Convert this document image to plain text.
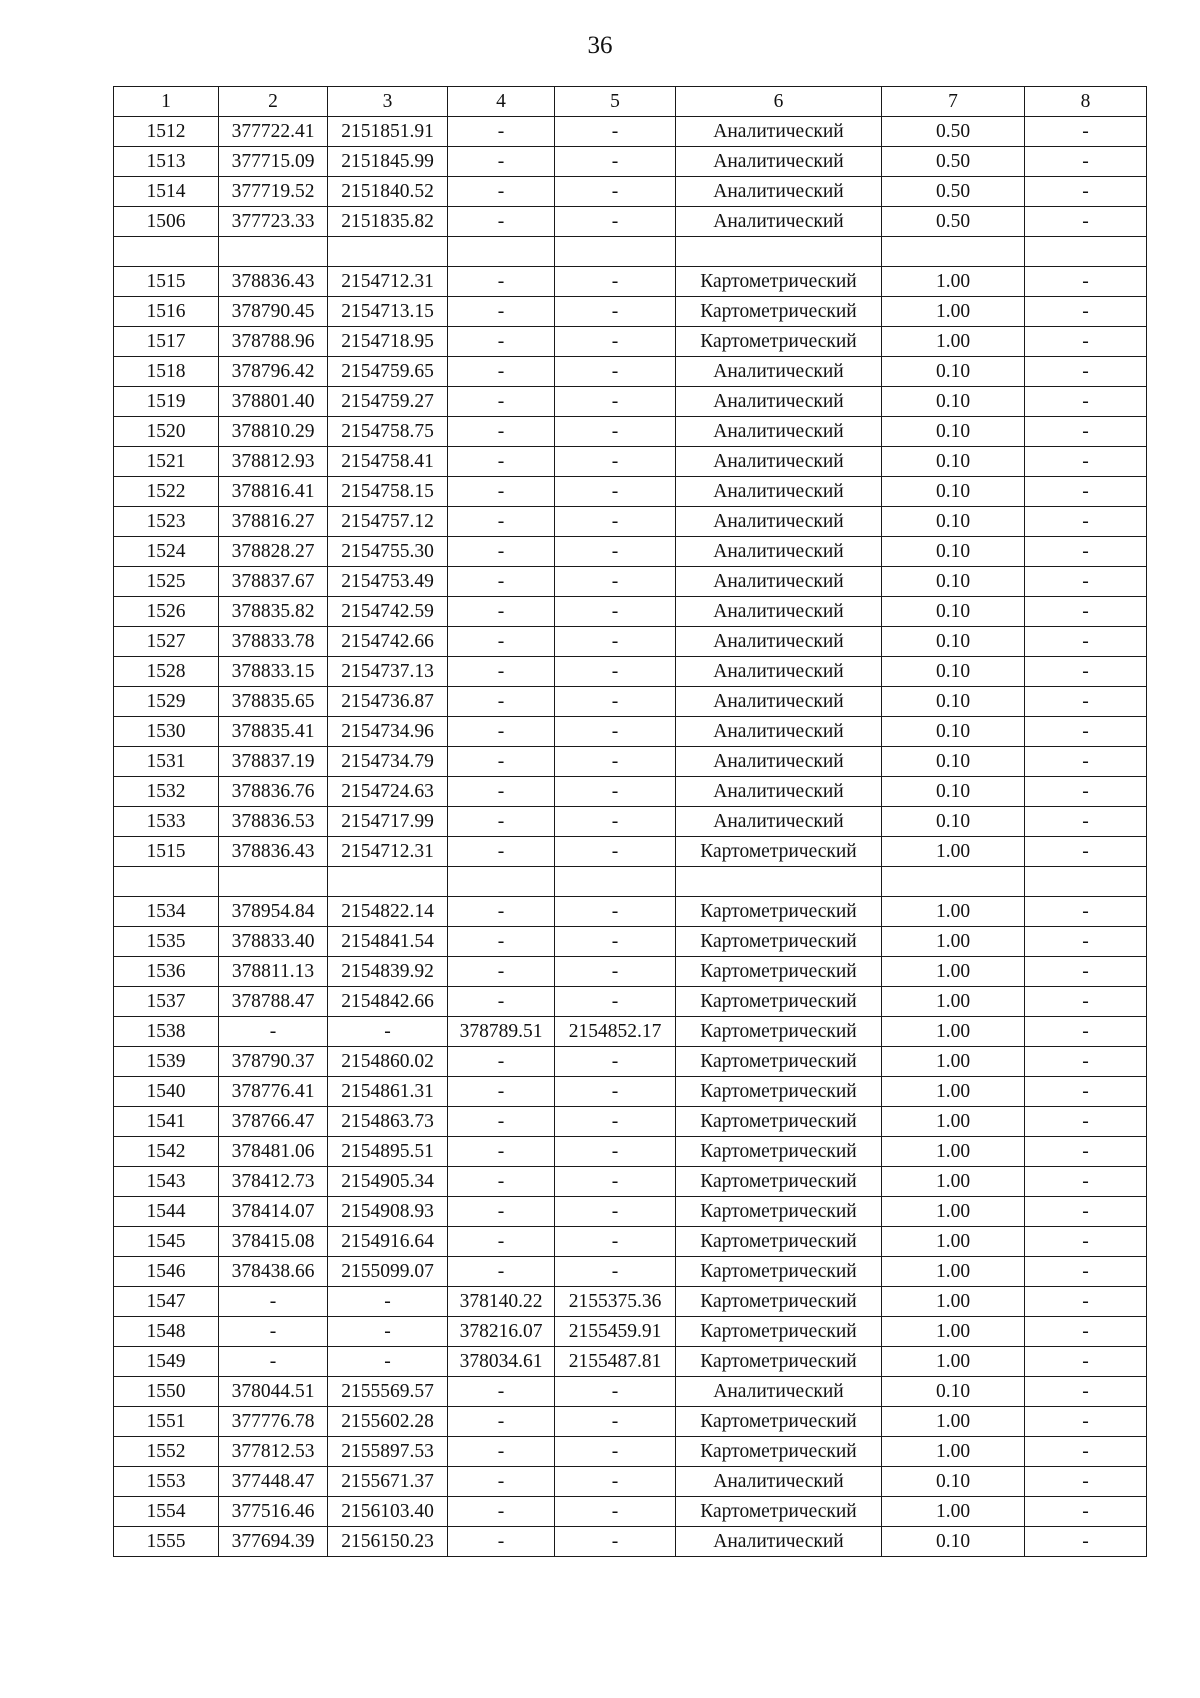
36
1	2	3	4	5	6	7	8
1512	377722.41	2151851.91	-	-	Аналитический	0.50	-
1513	377715.09	2151845.99	-	-	Аналитический	0.50	-
1514	377719.52	2151840.52	-	-	Аналитический	0.50	-
1506	377723.33	2151835.82	-	-	Аналитический	0.50	-

1515	378836.43	2154712.31	-	-	Картометрический	1.00	-
1516	378790.45	2154713.15	-	-	Картометрический	1.00	-
1517	378788.96	2154718.95	-	-	Картометрический	1.00	-
1518	378796.42	2154759.65	-	-	Аналитический	0.10	-
1519	378801.40	2154759.27	-	-	Аналитический	0.10	-
1520	378810.29	2154758.75	-	-	Аналитический	0.10	-
1521	378812.93	2154758.41	-	-	Аналитический	0.10	-
1522	378816.41	2154758.15	-	-	Аналитический	0.10	-
1523	378816.27	2154757.12	-	-	Аналитический	0.10	-
1524	378828.27	2154755.30	-	-	Аналитический	0.10	-
1525	378837.67	2154753.49	-	-	Аналитический	0.10	-
1526	378835.82	2154742.59	-	-	Аналитический	0.10	-
1527	378833.78	2154742.66	-	-	Аналитический	0.10	-
1528	378833.15	2154737.13	-	-	Аналитический	0.10	-
1529	378835.65	2154736.87	-	-	Аналитический	0.10	-
1530	378835.41	2154734.96	-	-	Аналитический	0.10	-
1531	378837.19	2154734.79	-	-	Аналитический	0.10	-
1532	378836.76	2154724.63	-	-	Аналитический	0.10	-
1533	378836.53	2154717.99	-	-	Аналитический	0.10	-
1515	378836.43	2154712.31	-	-	Картометрический	1.00	-

1534	378954.84	2154822.14	-	-	Картометрический	1.00	-
1535	378833.40	2154841.54	-	-	Картометрический	1.00	-
1536	378811.13	2154839.92	-	-	Картометрический	1.00	-
1537	378788.47	2154842.66	-	-	Картометрический	1.00	-
1538	-	-	378789.51	2154852.17	Картометрический	1.00	-
1539	378790.37	2154860.02	-	-	Картометрический	1.00	-
1540	378776.41	2154861.31	-	-	Картометрический	1.00	-
1541	378766.47	2154863.73	-	-	Картометрический	1.00	-
1542	378481.06	2154895.51	-	-	Картометрический	1.00	-
1543	378412.73	2154905.34	-	-	Картометрический	1.00	-
1544	378414.07	2154908.93	-	-	Картометрический	1.00	-
1545	378415.08	2154916.64	-	-	Картометрический	1.00	-
1546	378438.66	2155099.07	-	-	Картометрический	1.00	-
1547	-	-	378140.22	2155375.36	Картометрический	1.00	-
1548	-	-	378216.07	2155459.91	Картометрический	1.00	-
1549	-	-	378034.61	2155487.81	Картометрический	1.00	-
1550	378044.51	2155569.57	-	-	Аналитический	0.10	-
1551	377776.78	2155602.28	-	-	Картометрический	1.00	-
1552	377812.53	2155897.53	-	-	Картометрический	1.00	-
1553	377448.47	2155671.37	-	-	Аналитический	0.10	-
1554	377516.46	2156103.40	-	-	Картометрический	1.00	-
1555	377694.39	2156150.23	-	-	Аналитический	0.10	-
